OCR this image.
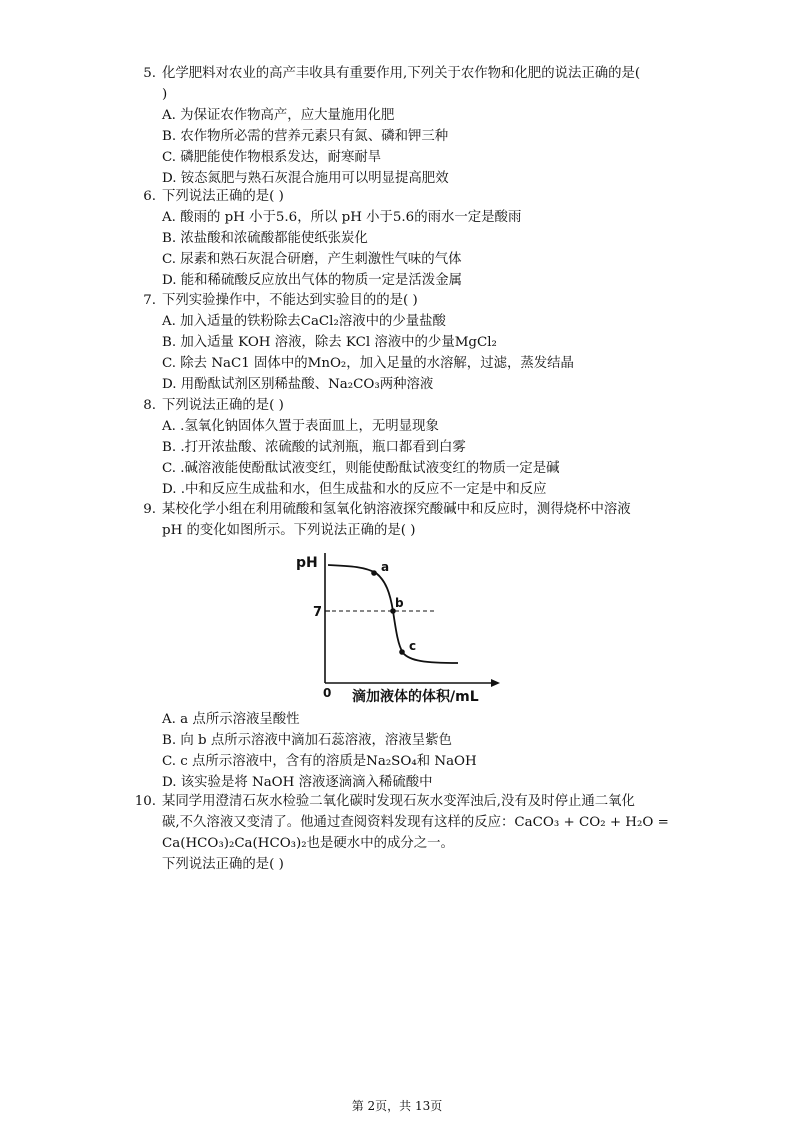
5. 化学肥料对农业的高产丰收具有重要作用,下列关于农作物和化肥的说法正确的是(
)
A. 为保证农作物高产，应大量施用化肥
B. 农作物所必需的营养元素只有氮、磷和钾三种
C. 磷肥能使作物根系发达，耐寒耐旱
D. 铵态氮肥与熟石灰混合施用可以明显提高肥效
6. 下列说法正确的是( )
A. 酸雨的 pH 小于5.6，所以 pH 小于5.6的雨水一定是酸雨
B. 浓盐酸和浓硫酸都能使纸张炭化
C. 尿素和熟石灰混合研磨，产生刺激性气味的气体
D. 能和稀硫酸反应放出气体的物质一定是活泼金属
7. 下列实验操作中，不能达到实验目的的是( )
A. 加入适量的铁粉除去CaCl₂溶液中的少量盐酸
B. 加入适量 KOH 溶液，除去 KCl 溶液中的少量MgCl₂
C. 除去 NaC1 固体中的MnO₂，加入足量的水溶解，过滤，蒸发结晶
D. 用酚酞试剂区别稀盐酸、Na₂CO₃两种溶液
8. 下列说法正确的是( )
A. .氢氧化钠固体久置于表面皿上，无明显现象
B. .打开浓盐酸、浓硫酸的试剂瓶，瓶口都看到白雾
C. .碱溶液能使酚酞试液变红，则能使酚酞试液变红的物质一定是碱
D. .中和反应生成盐和水，但生成盐和水的反应不一定是中和反应
9. 某校化学小组在利用硫酸和氢氧化钠溶液探究酸碱中和反应时，测得烧杯中溶液
pH 的变化如图所示。下列说法正确的是( )
A. a 点所示溶液呈酸性
B. 向 b 点所示溶液中滴加石蕊溶液，溶液呈紫色
C. c 点所示溶液中，含有的溶质是Na₂SO₄和 NaOH
D. 该实验是将 NaOH 溶液逐滴滴入稀硫酸中
pH
7
a
b
c
0 滴加液体的体积/mL
10. 某同学用澄清石灰水检验二氧化碳时发现石灰水变浑浊后,没有及时停止通二氧化
碳,不久溶液又变清了。他通过查阅资料发现有这样的反应：CaCO₃ + CO₂ + H₂O =
Ca(HCO₃)₂Ca(HCO₃)₂也是硬水中的成分之一。
下列说法正确的是( )
第 2页，共 13页
